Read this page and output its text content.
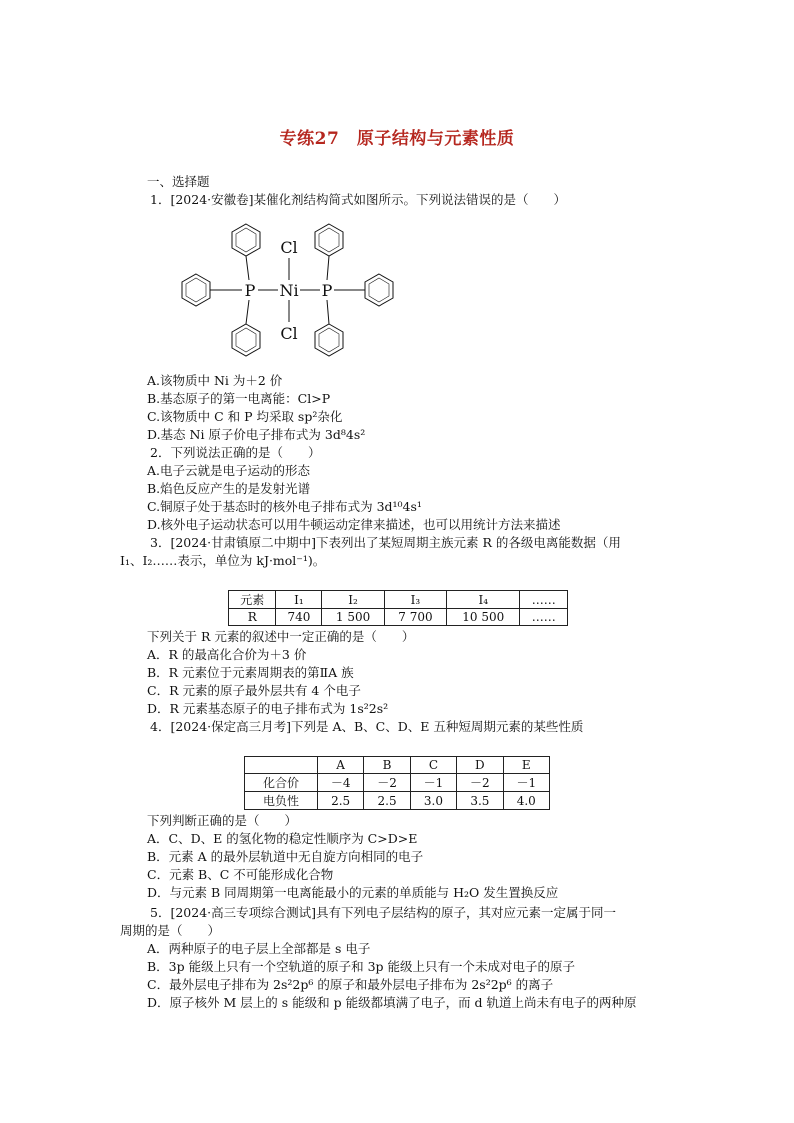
专练27　原子结构与元素性质
一、选择题
1．[2024·安徽卷]某催化剂结构简式如图所示。下列说法错误的是（　　）
Cl
P Ni P
Cl
A.该物质中 Ni 为＋2 价
B.基态原子的第一电离能：Cl>P
C.该物质中 C 和 P 均采取 sp²杂化
D.基态 Ni 原子价电子排布式为 3d⁸4s²
2．下列说法正确的是（　　）
A.电子云就是电子运动的形态
B.焰色反应产生的是发射光谱
C.铜原子处于基态时的核外电子排布式为 3d¹⁰4s¹
D.核外电子运动状态可以用牛顿运动定律来描述，也可以用统计方法来描述
3．[2024·甘肃镇原二中期中]下表列出了某短周期主族元素 R 的各级电离能数据（用
I₁、I₂……表示，单位为 kJ·mol⁻¹)。
元素	I₁	I₂	I₃	I₄	……
R	740	1 500	7 700	10 500	……
下列关于 R 元素的叙述中一定正确的是（　　）
A．R 的最高化合价为＋3 价
B．R 元素位于元素周期表的第ⅡA 族
C．R 元素的原子最外层共有 4 个电子
D．R 元素基态原子的电子排布式为 1s²2s²
4．[2024·保定高三月考]下列是 A、B、C、D、E 五种短周期元素的某些性质
	A	B	C	D	E
化合价	－4	－2	－1	－2	－1
电负性	2.5	2.5	3.0	3.5	4.0
下列判断正确的是（　　）
A．C、D、E 的氢化物的稳定性顺序为 C>D>E
B．元素 A 的最外层轨道中无自旋方向相同的电子
C．元素 B、C 不可能形成化合物
D．与元素 B 同周期第一电离能最小的元素的单质能与 H₂O 发生置换反应
5．[2024·高三专项综合测试]具有下列电子层结构的原子，其对应元素一定属于同一
周期的是（　　）
A．两种原子的电子层上全部都是 s 电子
B．3p 能级上只有一个空轨道的原子和 3p 能级上只有一个未成对电子的原子
C．最外层电子排布为 2s²2p⁶ 的原子和最外层电子排布为 2s²2p⁶ 的离子
D．原子核外 M 层上的 s 能级和 p 能级都填满了电子，而 d 轨道上尚未有电子的两种原
